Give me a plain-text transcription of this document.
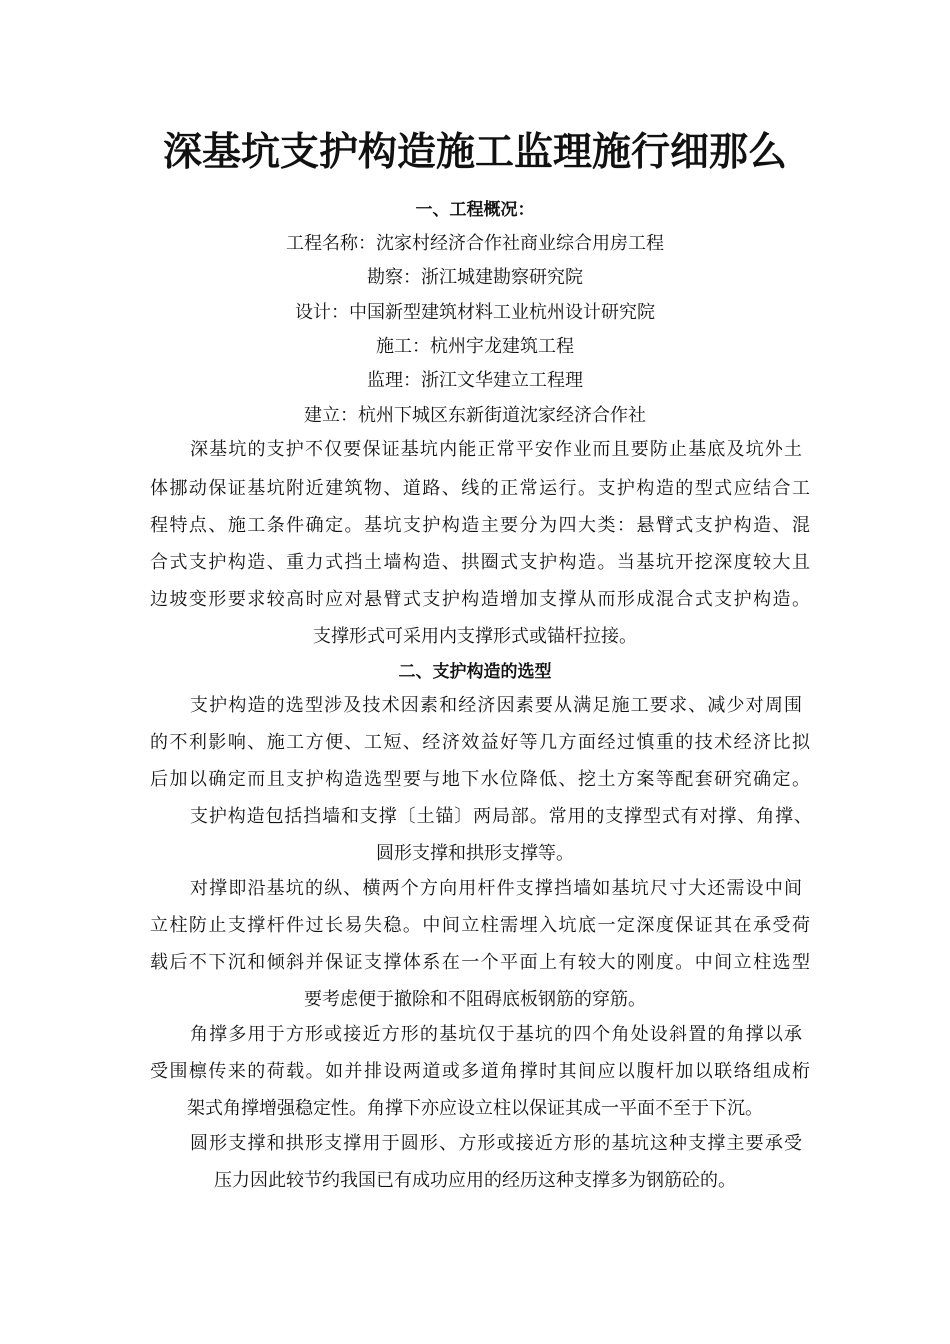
深基坑支护构造施工监理施行细那么

一、工程概况：

工程名称：沈家村经济合作社商业综合用房工程

勘察：浙江城建勘察研究院

设计：中国新型建筑材料工业杭州设计研究院

施工：杭州宇龙建筑工程

监理：浙江文华建立工程理

建立：杭州下城区东新街道沈家经济合作社

深基坑的支护不仅要保证基坑内能正常平安作业而且要防止基底及坑外土

体挪动保证基坑附近建筑物、道路、线的正常运行。支护构造的型式应结合工

程特点、施工条件确定。基坑支护构造主要分为四大类：悬臂式支护构造、混

合式支护构造、重力式挡土墙构造、拱圈式支护构造。当基坑开挖深度较大且

边坡变形要求较高时应对悬臂式支护构造增加支撑从而形成混合式支护构造。

支撑形式可采用内支撑形式或锚杆拉接。

二、支护构造的选型

支护构造的选型涉及技术因素和经济因素要从满足施工要求、减少对周围

的不利影响、施工方便、工短、经济效益好等几方面经过慎重的技术经济比拟

后加以确定而且支护构造选型要与地下水位降低、挖土方案等配套研究确定。

支护构造包括挡墙和支撑〔土锚〕两局部。常用的支撑型式有对撑、角撑、

圆形支撑和拱形支撑等。

对撑即沿基坑的纵、横两个方向用杆件支撑挡墙如基坑尺寸大还需设中间

立柱防止支撑杆件过长易失稳。中间立柱需埋入坑底一定深度保证其在承受荷

载后不下沉和倾斜并保证支撑体系在一个平面上有较大的刚度。中间立柱选型

要考虑便于撤除和不阻碍底板钢筋的穿筋。

角撑多用于方形或接近方形的基坑仅于基坑的四个角处设斜置的角撑以承

受围檩传来的荷载。如并排设两道或多道角撑时其间应以腹杆加以联络组成桁

架式角撑增强稳定性。角撑下亦应设立柱以保证其成一平面不至于下沉。

圆形支撑和拱形支撑用于圆形、方形或接近方形的基坑这种支撑主要承受

压力因此较节约我国已有成功应用的经历这种支撑多为钢筋砼的。
